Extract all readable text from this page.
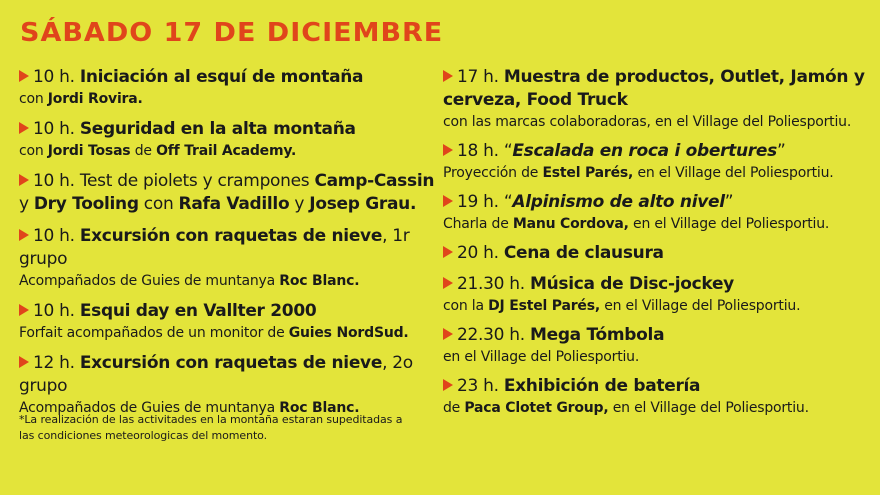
SÁBADO 17 DE DICIEMBRE
10 h. Iniciación al esquí de montaña
con Jordi Rovira.
10 h. Seguridad en la alta montaña
con Jordi Tosas de Off Trail Academy.
10 h. Test de piolets y crampones Camp-Cassin
y Dry Tooling con Rafa Vadillo y Josep Grau.
10 h. Excursión con raquetas de nieve, 1r grupo
Acompañados de Guies de muntanya Roc Blanc.
10 h. Esqui day en Vallter 2000
Forfait acompañados de un monitor de Guies NordSud.
12 h. Excursión con raquetas de nieve, 2o grupo
Acompañados de Guies de muntanya Roc Blanc.
17 h. Muestra de productos, Outlet, Jamón y
cerveza, Food Truck
con las marcas colaboradoras, en el Village del Poliesportiu.
18 h. “Escalada en roca i obertures”
Proyección de Estel Parés, en el Village del Poliesportiu.
19 h. “Alpinismo de alto nivel”
Charla de Manu Cordova, en el Village del Poliesportiu.
20 h. Cena de clausura
21.30 h. Música de Disc-jockey
con la DJ Estel Parés, en el Village del Poliesportiu.
22.30 h. Mega Tómbola
en el Village del Poliesportiu.
23 h. Exhibición de batería
de Paca Clotet Group, en el Village del Poliesportiu.
*La realización de las activitades en la montaña estaran supeditadas a
las condiciones meteorologicas del momento.
